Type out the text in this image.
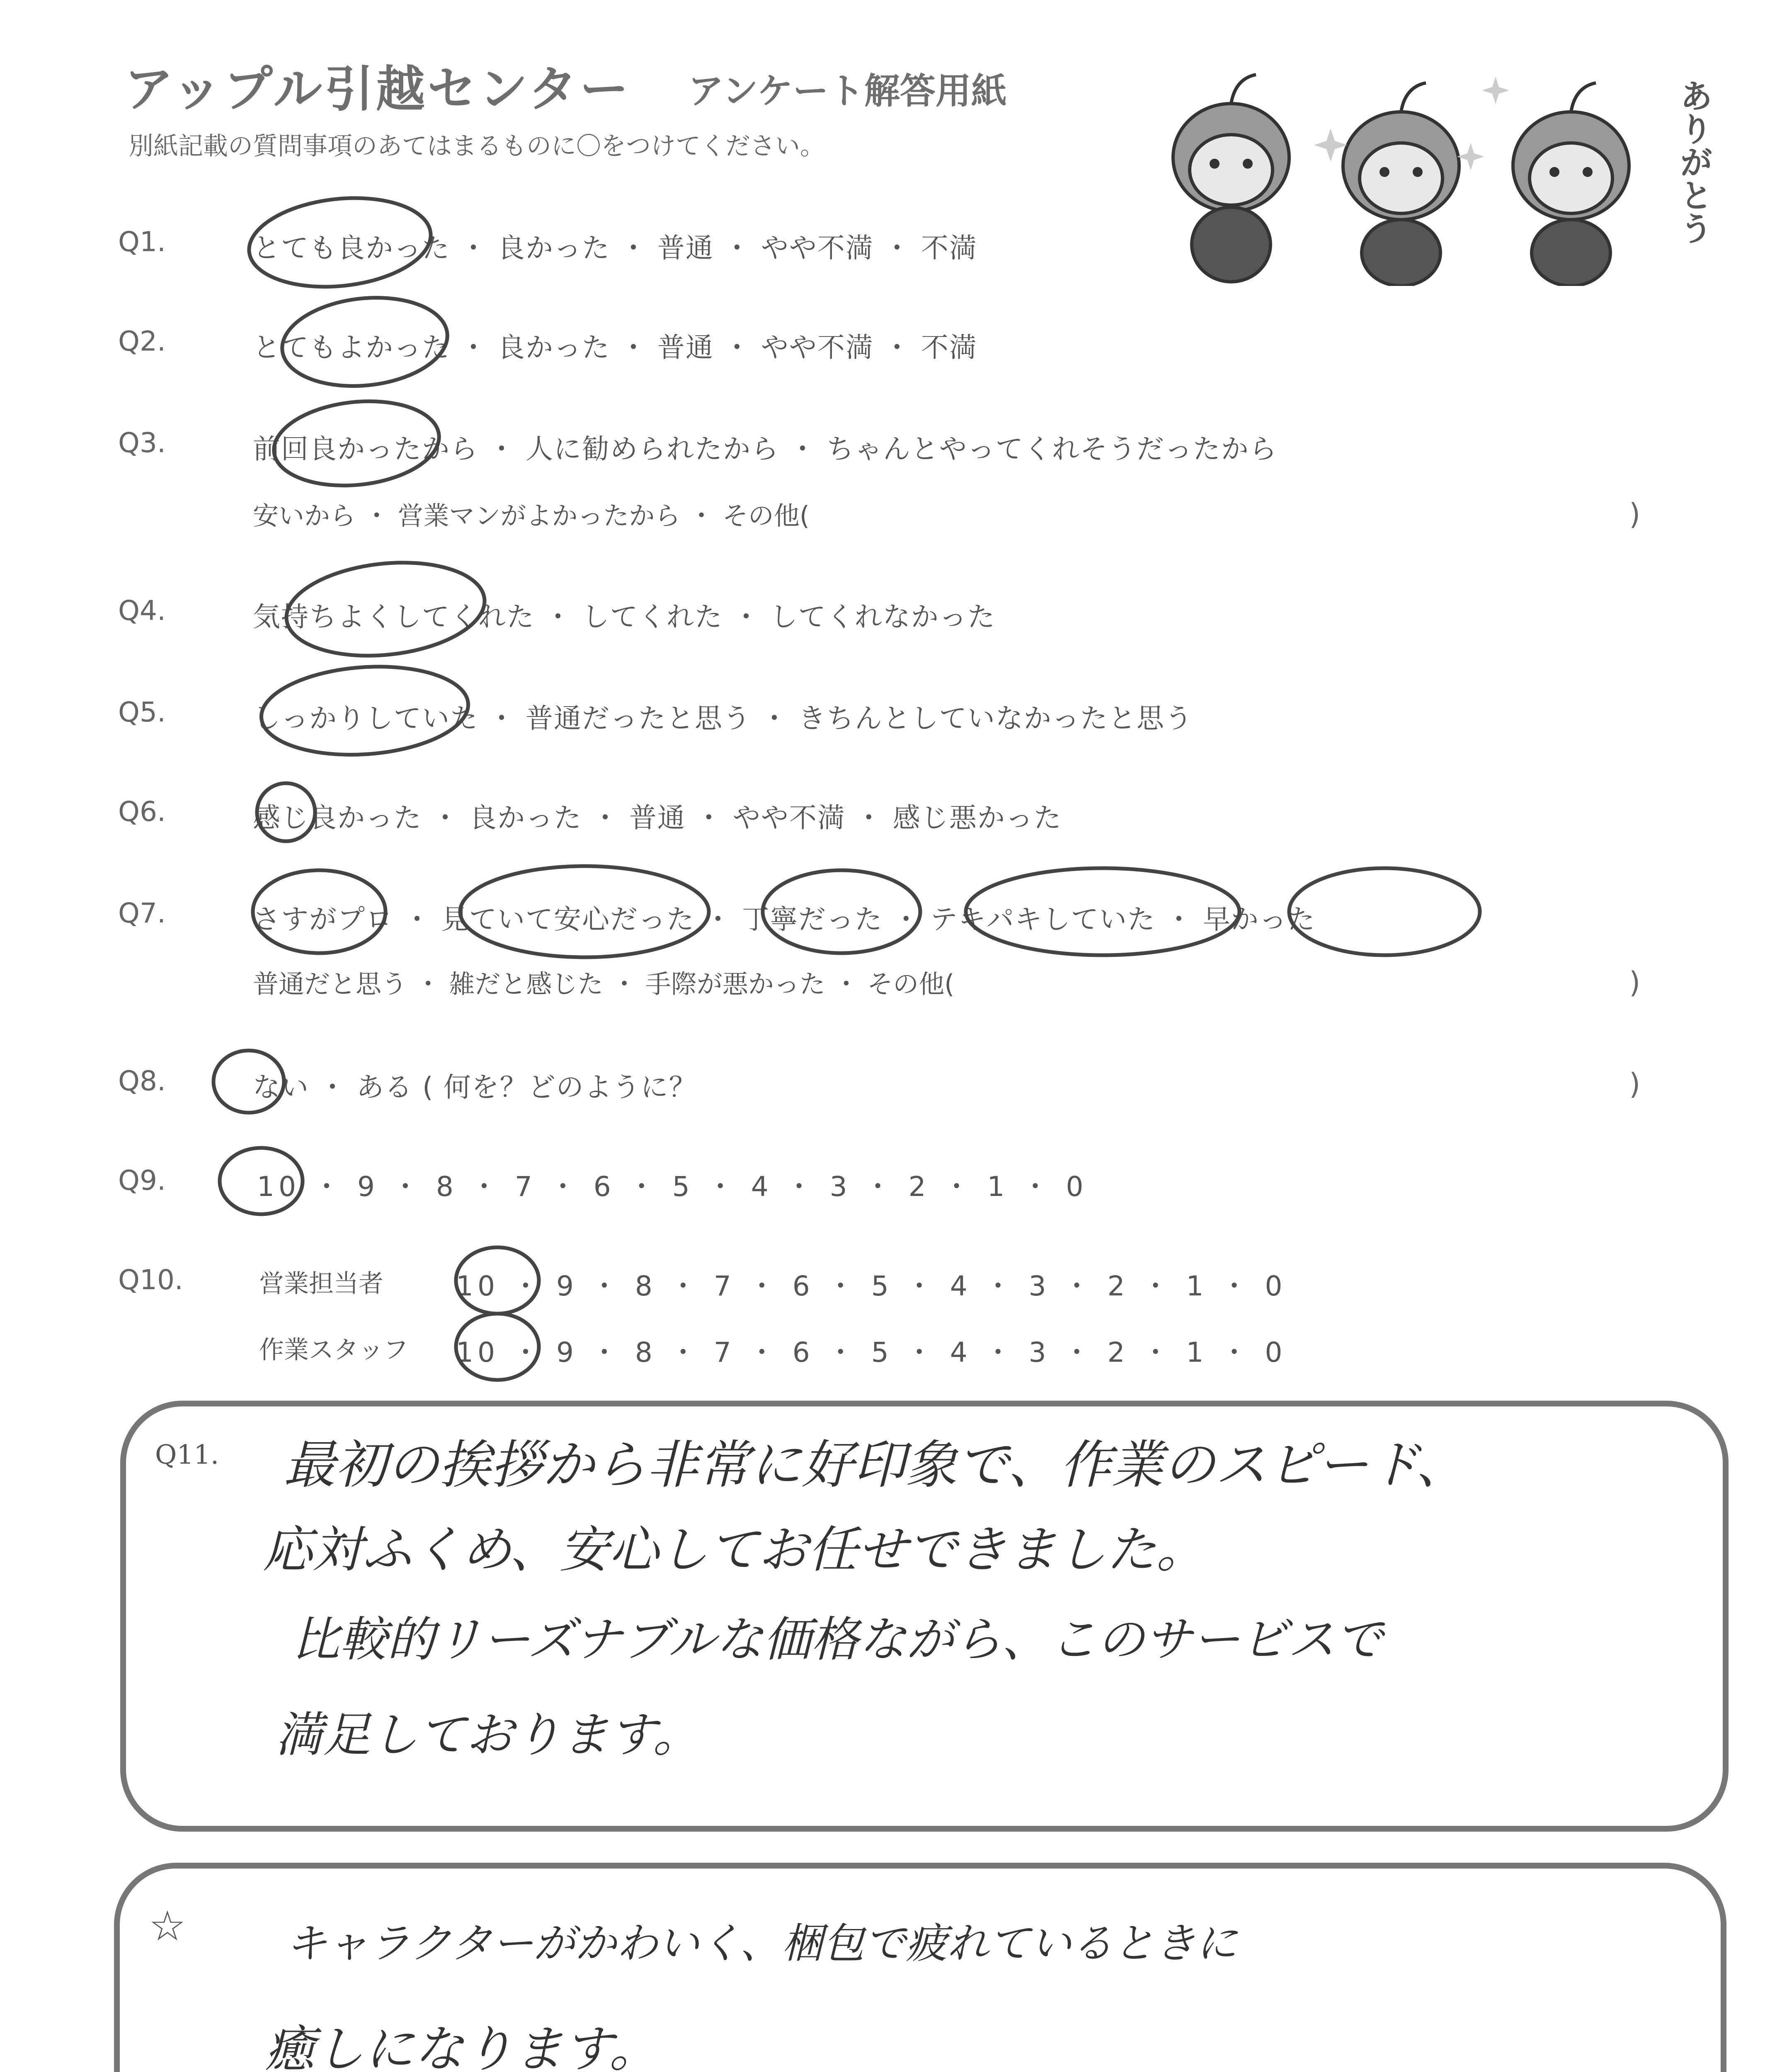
アップル引越センター アンケート解答用紙
別紙記載の質問事項のあてはまるものに〇をつけてください。	ありがとう
Q1.	とても良かった ・ 良かった ・ 普通 ・ やや不満 ・ 不満
Q2.	とてもよかった ・ 良かった ・ 普通 ・ やや不満 ・ 不満
Q3.	前回良かったから ・ 人に勧められたから ・ ちゃんとやってくれそうだったから
安いから ・ 営業マンがよかったから ・ その他(	)
Q4.	気持ちよくしてくれた ・ してくれた ・ してくれなかった
Q5.	しっかりしていた ・ 普通だったと思う ・ きちんとしていなかったと思う
Q6.	感じ良かった ・ 良かった ・ 普通 ・ やや不満 ・ 感じ悪かった
Q7.	さすがプロ ・ 見ていて安心だった ・ 丁寧だった ・ テキパキしていた ・ 早かった
普通だと思う ・ 雑だと感じた ・ 手際が悪かった ・ その他(	)
Q8.	ない ・ ある ( 何を？どのように？	)
Q9.	10 ・ 9 ・ 8 ・ 7 ・ 6 ・ 5 ・ 4 ・ 3 ・ 2 ・ 1 ・ 0
Q10.	営業担当者	10 ・ 9 ・ 8 ・ 7 ・ 6 ・ 5 ・ 4 ・ 3 ・ 2 ・ 1 ・ 0
作業スタッフ 10 ・ 9 ・ 8 ・ 7 ・ 6 ・ 5 ・ 4 ・ 3 ・ 2 ・ 1 ・ 0
Q11. 最初の挨拶から非常に好印象で、作業のスピード、
応対ふくめ、安心してお任せできました。
比較的リーズナブルな価格ながら、このサービスで
満足しております。
☆ キャラクターがかわいく、梱包で疲れているときに
癒しになります。
